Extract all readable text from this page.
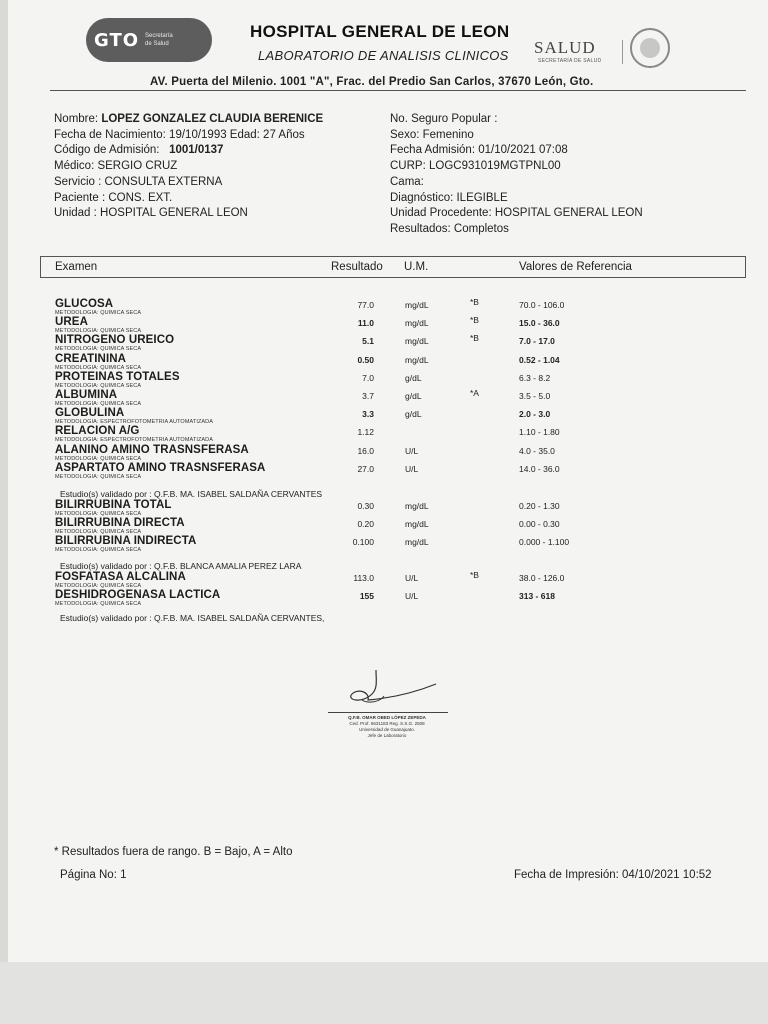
GTO Secretaría
de Salud
HOSPITAL GENERAL DE LEON
LABORATORIO DE ANALISIS CLINICOS SALUD
SECRETARÍA DE SALUD
AV. Puerta del Milenio. 1001 "A", Frac. del Predio San Carlos, 37670 León, Gto.
Nombre: LOPEZ GONZALEZ CLAUDIA BERENICE
Fecha de Nacimiento: 19/10/1993 Edad: 27 Años
Código de Admisión: 1001/0137
Médico: SERGIO CRUZ
Servicio : CONSULTA EXTERNA
Paciente : CONS. EXT.
Unidad : HOSPITAL GENERAL LEON
No. Seguro Popular :
Sexo: Femenino
Fecha Admisión: 01/10/2021 07:08
CURP: LOGC931019MGTPNL00
Cama:
Diagnóstico: ILEGIBLE
Unidad Procedente: HOSPITAL GENERAL LEON
Resultados: Completos
Examen	Resultado U.M.	Valores de Referencia
GLUCOSA
METODOLOGIA: QUIMICA SECA
77.0	mg/dL	*B	70.0 - 106.0
UREA
METODOLOGIA: QUIMICA SECA
11.0	mg/dL	*B	15.0 - 36.0
NITROGENO UREICO
METODOLOGIA: QUIMICA SECA
5.1	mg/dL	*B	7.0 - 17.0
CREATININA
METODOLOGIA: QUIMICA SECA
0.50	mg/dL	0.52 - 1.04
PROTEINAS TOTALES
METODOLOGIA: QUIMICA SECA
7.0	g/dL	6.3 - 8.2
ALBUMINA
METODOLOGIA: QUIMICA SECA
3.7	g/dL	*A	3.5 - 5.0
GLOBULINA
METODOLOGIA: ESPECTROFOTOMETRIA AUTOMATIZADA
3.3	g/dL	2.0 - 3.0
RELACION A/G
METODOLOGIA: ESPECTROFOTOMETRIA AUTOMATIZADA
1.12	1.10 - 1.80
ALANINO AMINO TRASNSFERASA
METODOLOGIA: QUIMICA SECA
16.0	U/L	4.0 - 35.0
ASPARTATO AMINO TRASNSFERASA
METODOLOGIA: QUIMICA SECA
27.0	U/L	14.0 - 36.0
BILIRRUBINA TOTAL
METODOLOGIA: QUIMICA SECA
0.30	mg/dL	0.20 - 1.30
BILIRRUBINA DIRECTA
METODOLOGIA: QUIMICA SECA
0.20	mg/dL	0.00 - 0.30
BILIRRUBINA INDIRECTA
METODOLOGIA: QUIMICA SECA
0.100	mg/dL	0.000 - 1.100
FOSFATASA ALCALINA
METODOLOGIA: QUIMICA SECA
113.0	U/L	*B	38.0 - 126.0
DESHIDROGENASA LACTICA
METODOLOGIA: QUIMICA SECA
155	U/L	313 - 618
Estudio(s) validado por : Q.F.B. MA. ISABEL SALDAÑA CERVANTES
Estudio(s) validado por : Q.F.B. BLANCA AMALIA PEREZ LARA
Estudio(s) validado por : Q.F.B. MA. ISABEL SALDAÑA CERVANTES,
Q.F.B. OMAR OBED LÓPEZ ZEPEDA
Ced. Prof. 5631183 Reg. S.S.G. 2508
Universidad de Guanajuato.
Jefe de Laboratorio
* Resultados fuera de rango. B = Bajo, A = Alto
Página No: 1	Fecha de Impresión: 04/10/2021 10:52
